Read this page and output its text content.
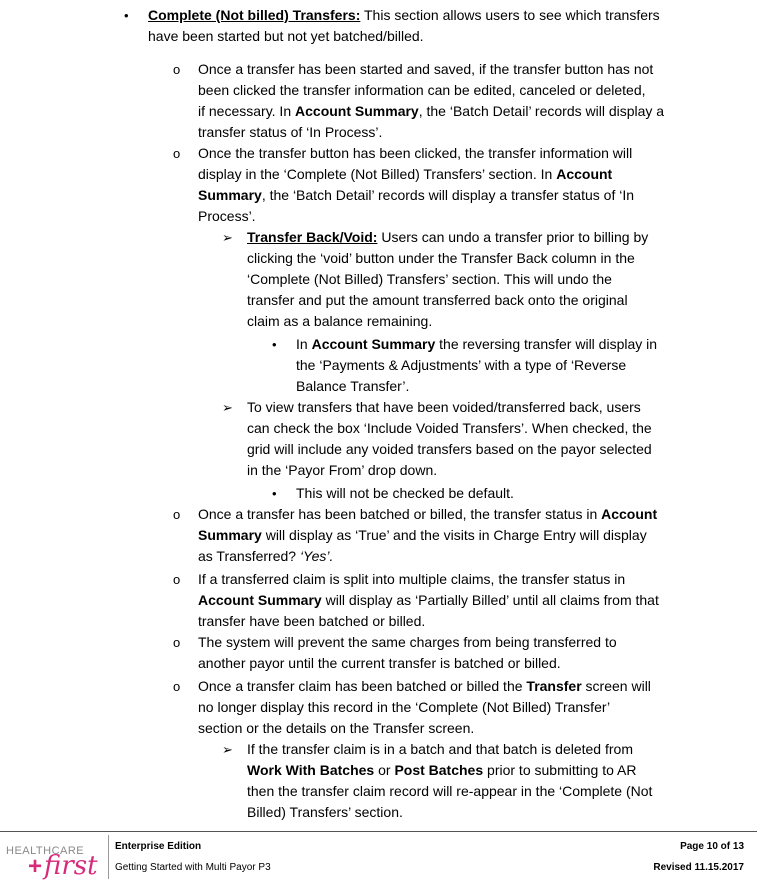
• Complete (Not billed) Transfers: This section allows users to see which transfers
have been started but not yet batched/billed.
o Once a transfer has been started and saved, if the transfer button has not
been clicked the transfer information can be edited, canceled or deleted,
if necessary. In Account Summary, the ‘Batch Detail’ records will display a
transfer status of ‘In Process’.
o Once the transfer button has been clicked, the transfer information will
display in the ‘Complete (Not Billed) Transfers’ section. In Account
Summary, the ‘Batch Detail’ records will display a transfer status of ‘In
Process’.
➢ Transfer Back/Void: Users can undo a transfer prior to billing by
clicking the ‘void’ button under the Transfer Back column in the
‘Complete (Not Billed) Transfers’ section. This will undo the
transfer and put the amount transferred back onto the original
claim as a balance remaining.
• In Account Summary the reversing transfer will display in
the ‘Payments & Adjustments’ with a type of ‘Reverse
Balance Transfer’.
➢ To view transfers that have been voided/transferred back, users
can check the box ‘Include Voided Transfers’. When checked, the
grid will include any voided transfers based on the payor selected
in the ‘Payor From’ drop down.
• This will not be checked be default.
o Once a transfer has been batched or billed, the transfer status in Account
Summary will display as ‘True’ and the visits in Charge Entry will display
as Transferred? ‘Yes’.
o If a transferred claim is split into multiple claims, the transfer status in
Account Summary will display as ‘Partially Billed’ until all claims from that
transfer have been batched or billed.
o The system will prevent the same charges from being transferred to
another payor until the current transfer is batched or billed.
o Once a transfer claim has been batched or billed the Transfer screen will
no longer display this record in the ‘Complete (Not Billed) Transfer’
section or the details on the Transfer screen.
➢ If the transfer claim is in a batch and that batch is deleted from
Work With Batches or Post Batches prior to submitting to AR
then the transfer claim record will re-appear in the ‘Complete (Not
Billed) Transfers’ section.
HEALTHCARE
+ first
Enterprise Edition
Getting Started with Multi Payor P3
Page 10 of 13
Revised 11.15.2017
